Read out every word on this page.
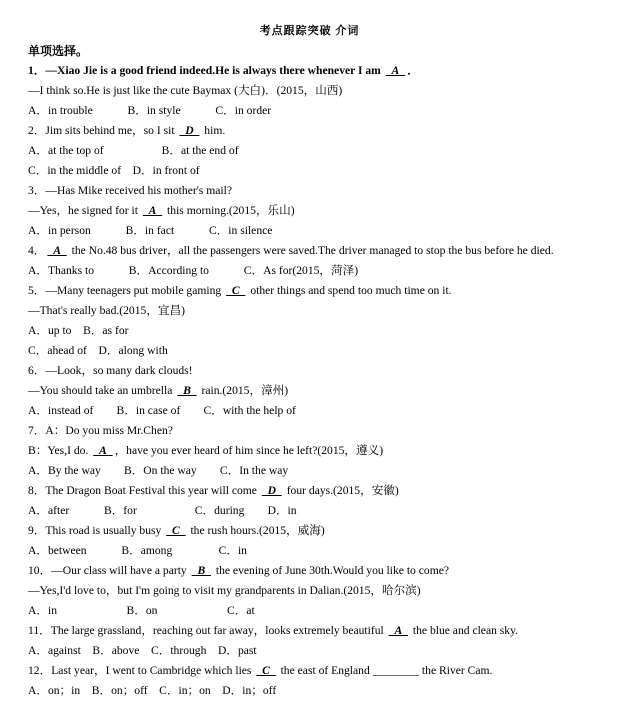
考点跟踪突破 介词
单项选择。
1．—Xiao Jie is a good friend indeed.He is always there whenever I am   A  ．
—I think so.He is just like the cute Baymax (大白)．(2015，山西)
A．in trouble　　　B．in style　　　C．in order
2．Jim sits behind me，so I sit   D   him.
A．at the top of　　　　　B．at the end of
C．in the middle of　D．in front of
3．—Has Mike received his mother's mail?
—Yes，he signed for it   A   this morning.(2015，乐山)
A．in person　　　B．in fact　　　C．in silence
4．  A   the No.48 bus driver，all the passengers were saved.The driver managed to stop the bus before he died.
A．Thanks to　　　B．According to　　　C．As for(2015，菏泽)
5．—Many teenagers put mobile gaming   C   other things and spend too much time on it.
—That's really bad.(2015，宜昌)
A．up to　B．as for
C．ahead of　D．along with
6．—Look，so many dark clouds!
—You should take an umbrella   B   rain.(2015，漳州)
A．instead of　　B．in case of　　C．with the help of
7．A：Do you miss Mr.Chen?
B：Yes,I do.   A  ，have you ever heard of him since he left?(2015，遵义)
A．By the way　　B．On the way　　C．In the way
8．The Dragon Boat Festival this year will come   D   four days.(2015，安徽)
A．after　　　B．for　　　　　C．during　　D．in
9．This road is usually busy   C   the rush hours.(2015，威海)
A．between　　　B．among　　　　C．in
10．—Our class will have a party   B   the evening of June 30th.Would you like to come?
—Yes,I'd love to，but I'm going to visit my grandparents in Dalian.(2015，哈尔滨)
A．in　　　　　　B．on　　　　　　C．at
11．The large grassland，reaching out far away，looks extremely beautiful   A   the blue and clean sky.
A．against　B．above　C．through　D．past
12．Last year，I went to Cambridge which lies   C   the east of England ________ the River Cam.
A．on；in　B．on；off　C．in；on　D．in；off
